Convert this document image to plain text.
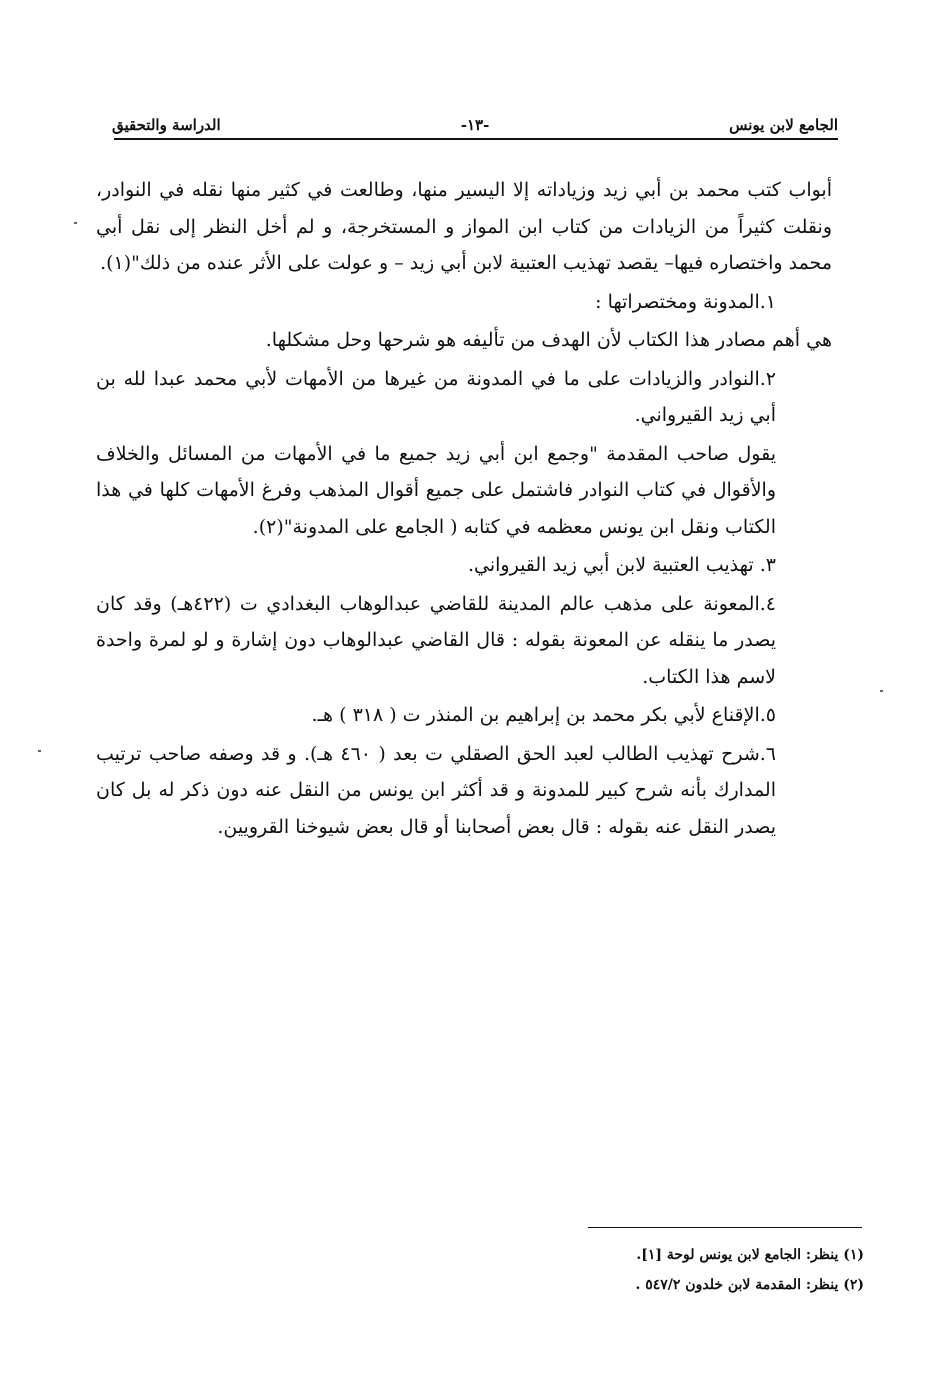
الجامع لابن يونس
-١٣-
الدراسة والتحقيق

أبواب كتب محمد بن أبي زيد وزياداته إلا اليسير منها، وطالعت في كثير منها نقله في النوادر، ونقلت كثيراً من الزيادات من كتاب ابن المواز و المستخرجة، و لم أخل النظر إلى نقل أبي محمد واختصاره فيها– يقصد تهذيب العتبية لابن أبي زيد – و عولت على الأثر عنده من ذلك"(١).

١.المدونة ومختصراتها :

هي أهم مصادر هذا الكتاب لأن الهدف من تأليفه هو شرحها وحل مشكلها.

٢.النوادر والزيادات على ما في المدونة من غيرها من الأمهات لأبي محمد عبدا لله بن أبي زيد القيرواني.

يقول صاحب المقدمة "وجمع ابن أبي زيد جميع ما في الأمهات من المسائل والخلاف والأقوال في كتاب النوادر فاشتمل على جميع أقوال المذهب وفرغ الأمهات كلها في هذا الكتاب ونقل ابن يونس معظمه في كتابه ( الجامع على المدونة"(٢).

٣. تهذيب العتبية لابن أبي زيد القيرواني.

٤.المعونة على مذهب عالم المدينة للقاضي عبدالوهاب البغدادي ت (٤٢٢هـ) وقد كان يصدر ما ينقله عن المعونة بقوله : قال القاضي عبدالوهاب دون إشارة و لو لمرة واحدة لاسم هذا الكتاب.

٥.الإقناع لأبي بكر محمد بن إبراهيم بن المنذر ت ( ٣١٨ ) هـ.

٦.شرح تهذيب الطالب لعبد الحق الصقلي ت بعد ( ٤٦٠ هـ). و قد وصفه صاحب ترتيب المدارك بأنه شرح كبير للمدونة و قد أكثر ابن يونس من النقل عنه دون ذكر له بل كان يصدر النقل عنه بقوله : قال بعض أصحابنا أو قال بعض شيوخنا القرويين.

(١) ينظر: الجامع لابن يونس لوحة [١].

(٢) ينظر: المقدمة لابن خلدون ٥٤٧/٢ .
